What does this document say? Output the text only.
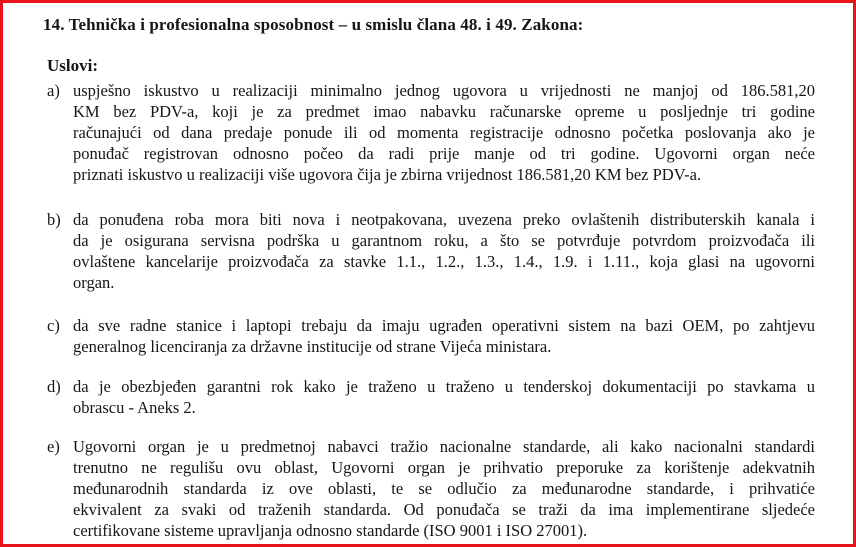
14. Tehnička i profesionalna sposobnost – u smislu člana 48. i 49. Zakona:
Uslovi:
a) uspješno iskustvo u realizaciji minimalno jednog ugovora u vrijednosti ne manjoj od 186.581,20
KM bez PDV-a, koji je za predmet imao nabavku računarske opreme u posljednje tri godine
računajući od dana predaje ponude ili od momenta registracije odnosno početka poslovanja ako je
ponuđač registrovan odnosno počeo da radi prije manje od tri godine. Ugovorni organ neće
priznati iskustvo u realizaciji više ugovora čija je zbirna vrijednost 186.581,20 KM bez PDV-a.
b) da ponuđena roba mora biti nova i neotpakovana, uvezena preko ovlaštenih distributerskih kanala i
da je osigurana servisna podrška u garantnom roku, a što se potvrđuje potvrdom proizvođača ili
ovlaštene kancelarije proizvođača za stavke 1.1., 1.2., 1.3., 1.4., 1.9. i 1.11., koja glasi na ugovorni
organ.
c) da sve radne stanice i laptopi trebaju da imaju ugrađen operativni sistem na bazi OEM, po zahtjevu
generalnog licenciranja za državne institucije od strane Vijeća ministara.
d) da je obezbjeđen garantni rok kako je traženo u traženo u tenderskoj dokumentaciji po stavkama u
obrascu - Aneks 2.
e) Ugovorni organ je u predmetnoj nabavci tražio nacionalne standarde, ali kako nacionalni standardi
trenutno ne regulišu ovu oblast, Ugovorni organ je prihvatio preporuke za korištenje adekvatnih
međunarodnih standarda iz ove oblasti, te se odlučio za međunarodne standarde, i prihvatiće
ekvivalent za svaki od traženih standarda. Od ponuđača se traži da ima implementirane sljedeće
certifikovane sisteme upravljanja odnosno standarde (ISO 9001 i ISO 27001).
